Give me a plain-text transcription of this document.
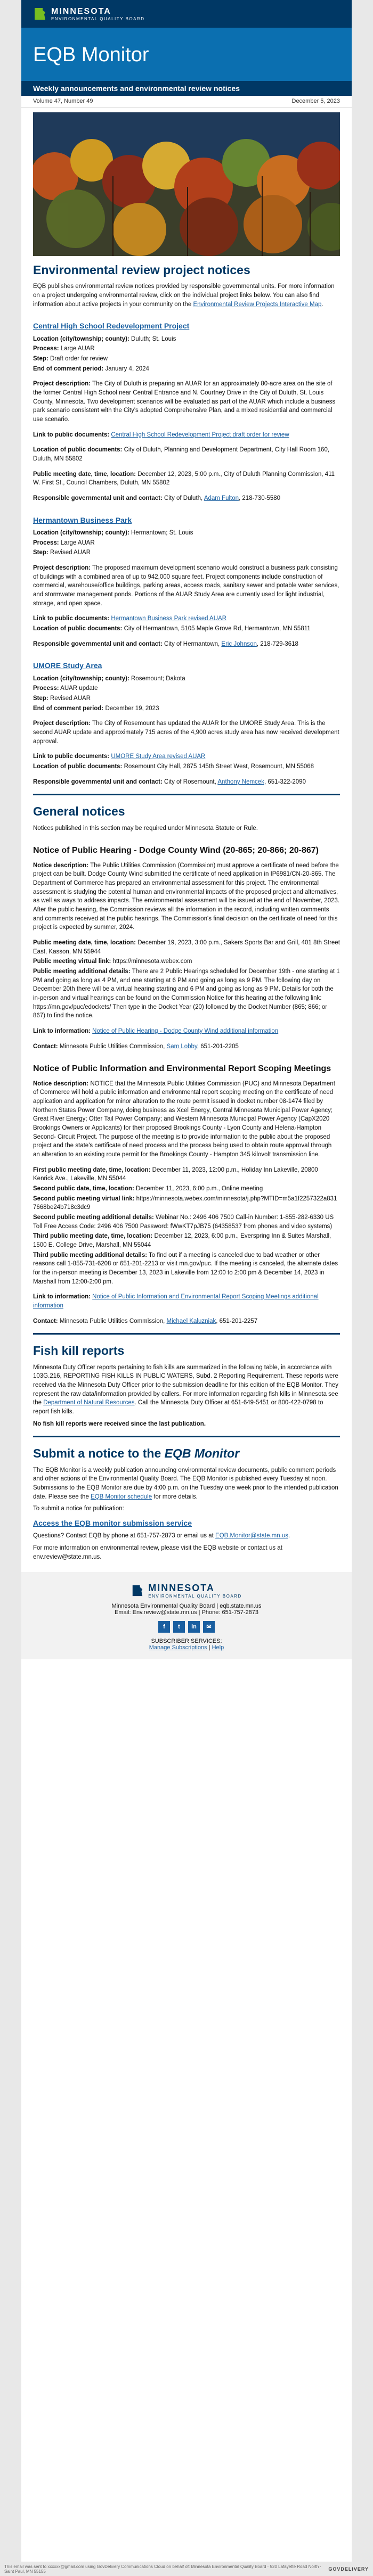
MINNESOTA
ENVIRONMENTAL QUALITY BOARD
EQB Monitor
Weekly announcements and environmental review notices
Volume 47, Number 49	December 5, 2023
Environmental review project notices

EQB publishes environmental review notices provided by responsible governmental units. For more information on a project undergoing environmental review, click on the individual project links below. You can also find information about active projects in your community on the Environmental Review Projects Interactive Map.

Central High School Redevelopment Project
Location (city/township; county): Duluth; St. Louis
Process: Large AUAR
Step: Draft order for review
End of comment period: January 4, 2024
Project description: The City of Duluth is preparing an AUAR for an approximately 80-acre area on the site of the former Central High School near Central Entrance and N. Courtney Drive in the City of Duluth, St. Louis County, Minnesota. Two development scenarios will be evaluated as part of the AUAR which include a business park scenario consistent with the City's adopted Comprehensive Plan, and a mixed residential and commercial use scenario.
Link to public documents: Central High School Redevelopment Project draft order for review
Location of public documents: City of Duluth, Planning and Development Department, City Hall Room 160, Duluth, MN 55802
Public meeting date, time, location: December 12, 2023, 5:00 p.m., City of Duluth Planning Commission, 411 W. First St., Council Chambers, Duluth, MN 55802
Responsible governmental unit and contact: City of Duluth, Adam Fulton, 218-730-5580
Hermantown Business Park
Location (city/township; county): Hermantown; St. Louis
Process: Large AUAR
Step: Revised AUAR
Project description: The proposed maximum development scenario would construct a business park consisting of buildings with a combined area of up to 942,000 square feet. Project components include construction of commercial, warehouse/office buildings, parking areas, access roads, sanitary sewer and potable water services, and stormwater management ponds. Portions of the AUAR Study Area are currently used for light industrial, storage, and open space.
Link to public documents: Hermantown Business Park revised AUAR
Location of public documents: City of Hermantown, 5105 Maple Grove Rd, Hermantown, MN 55811
Responsible governmental unit and contact: City of Hermantown, Eric Johnson, 218-729-3618
UMORE Study Area
Location (city/township; county): Rosemount; Dakota
Process: AUAR update
Step: Revised AUAR
End of comment period: December 19, 2023
Project description: The City of Rosemount has updated the AUAR for the UMORE Study Area. This is the second AUAR update and approximately 715 acres of the 4,900 acres study area has now received development approval.
Link to public documents: UMORE Study Area revised AUAR
Location of public documents: Rosemount City Hall, 2875 145th Street West, Rosemount, MN 55068
Responsible governmental unit and contact: City of Rosemount, Anthony Nemcek, 651-322-2090
General notices

Notices published in this section may be required under Minnesota Statute or Rule.

Notice of Public Hearing - Dodge County Wind (20-865; 20-866; 20-867)
Notice description: The Public Utilities Commission (Commission) must approve a certificate of need before the project can be built. Dodge County Wind submitted the certificate of need application in IP6981/CN-20-865. The Department of Commerce has prepared an environmental assessment for this project. The environmental assessment is studying the potential human and environmental impacts of the proposed project and alternatives, as well as ways to address impacts. The environmental assessment will be issued at the end of November, 2023. After the public hearing, the Commission reviews all the information in the record, including written comments and comments received at the public hearings. The Commission's final decision on the certificate of need for this project is expected by summer, 2024.
Public meeting date, time, location: December 19, 2023, 3:00 p.m., Sakers Sports Bar and Grill, 401 8th Street East, Kasson, MN 55944
Public meeting virtual link: https://minnesota.webex.com
Public meeting additional details: There are 2 Public Hearings scheduled for December 19th - one starting at 1 PM and going as long as 4 PM, and one starting at 6 PM and going as long as 9 PM. The following day on December 20th there will be a virtual hearing starting and 6 PM and going as long as 9 PM. Details for both the in-person and virtual hearings can be found on the Commission Notice for this hearing at the following link: https://mn.gov/puc/edockets/ Then type in the Docket Year (20) followed by the Docket Number (865; 866; or 867) to find the notice.
Link to information: Notice of Public Hearing - Dodge County Wind additional information
Contact: Minnesota Public Utilities Commission, Sam Lobby, 651-201-2205
Notice of Public Information and Environmental Report Scoping Meetings
Notice description: NOTICE that the Minnesota Public Utilities Commission (PUC) and Minnesota Department of Commerce will hold a public information and environmental report scoping meeting on the certificate of need application and application for minor alteration to the route permit issued in docket number 08-1474 filed by Northern States Power Company, doing business as Xcel Energy, Central Minnesota Municipal Power Agency; Great River Energy; Otter Tail Power Company; and Western Minnesota Municipal Power Agency (CapX2020 Brookings Owners or Applicants) for their proposed Brookings County - Lyon County and Helena-Hampton Second- Circuit Project. The purpose of the meeting is to provide information to the public about the proposed project and the state's certificate of need process and the process being used to obtain route approval through an alteration to an existing route permit for the Brookings County - Hampton 345 kilovolt transmission line.
First public meeting date, time, location: December 11, 2023, 12:00 p.m., Holiday Inn Lakeville, 20800 Kenrick Ave., Lakeville, MN 55044
Second public date, time, location: December 11, 2023, 6:00 p.m., Online meeting
Second public meeting virtual link: https://minnesota.webex.com/minnesota/j.php?MTID=m5a1f2257322a8317668be24b718c3dc9
Second public meeting additional details: Webinar No.: 2496 406 7500 Call-in Number: 1-855-282-6330 US Toll Free Access Code: 2496 406 7500 Password: fWwKT7pJB75 (64358537 from phones and video systems)
Third public meeting date, time, location: December 12, 2023, 6:00 p.m., Everspring Inn & Suites Marshall, 1500 E. College Drive, Marshall, MN 55044
Third public meeting additional details: To find out if a meeting is canceled due to bad weather or other reasons call 1-855-731-6208 or 651-201-2213 or visit mn.gov/puc. If the meeting is canceled, the alternate dates for the in-person meeting is December 13, 2023 in Lakeville from 12:00 to 2:00 pm & December 14, 2023 in Marshall from 12:00-2:00 pm.
Link to information: Notice of Public Information and Environmental Report Scoping Meetings additional information
Contact: Minnesota Public Utilities Commission, Michael Kaluzniak, 651-201-2257
Fish kill reports

Minnesota Duty Officer reports pertaining to fish kills are summarized in the following table, in accordance with 103G.216, REPORTING FISH KILLS IN PUBLIC WATERS, Subd. 2 Reporting Requirement. These reports were received via the Minnesota Duty Officer prior to the submission deadline for this edition of the EQB Monitor. They represent the raw data/information provided by callers. For more information regarding fish kills in Minnesota see the Department of Natural Resources. Call the Minnesota Duty Officer at 651-649-5451 or 800-422-0798 to report fish kills.

No fish kill reports were received since the last publication.

Submit a notice to the EQB Monitor

The EQB Monitor is a weekly publication announcing environmental review documents, public comment periods and other actions of the Environmental Quality Board. The EQB Monitor is published every Tuesday at noon. Submissions to the EQB Monitor are due by 4:00 p.m. on the Tuesday one week prior to the intended publication date. Please see the EQB Monitor schedule for more details.

To submit a notice for publication:

Access the EQB monitor submission service

Questions? Contact EQB by phone at 651-757-2873 or email us at EQB.Monitor@state.mn.us.

For more information on environmental review, please visit the EQB website or contact us at env.review@state.mn.us.

MINNESOTA
ENVIRONMENTAL QUALITY BOARD
Minnesota Environmental Quality Board | eqb.state.mn.us
Email: Env.review@state.mn.us | Phone: 651-757-2873
f	t	in	✉
SUBSCRIBER SERVICES:
Manage Subscriptions | Help
This email was sent to xxxxxx@gmail.com using GovDelivery Communications Cloud on behalf of: Minnesota Environmental Quality Board · 520 Lafayette Road North · Saint Paul, MN 55155	GOVDELIVERY
